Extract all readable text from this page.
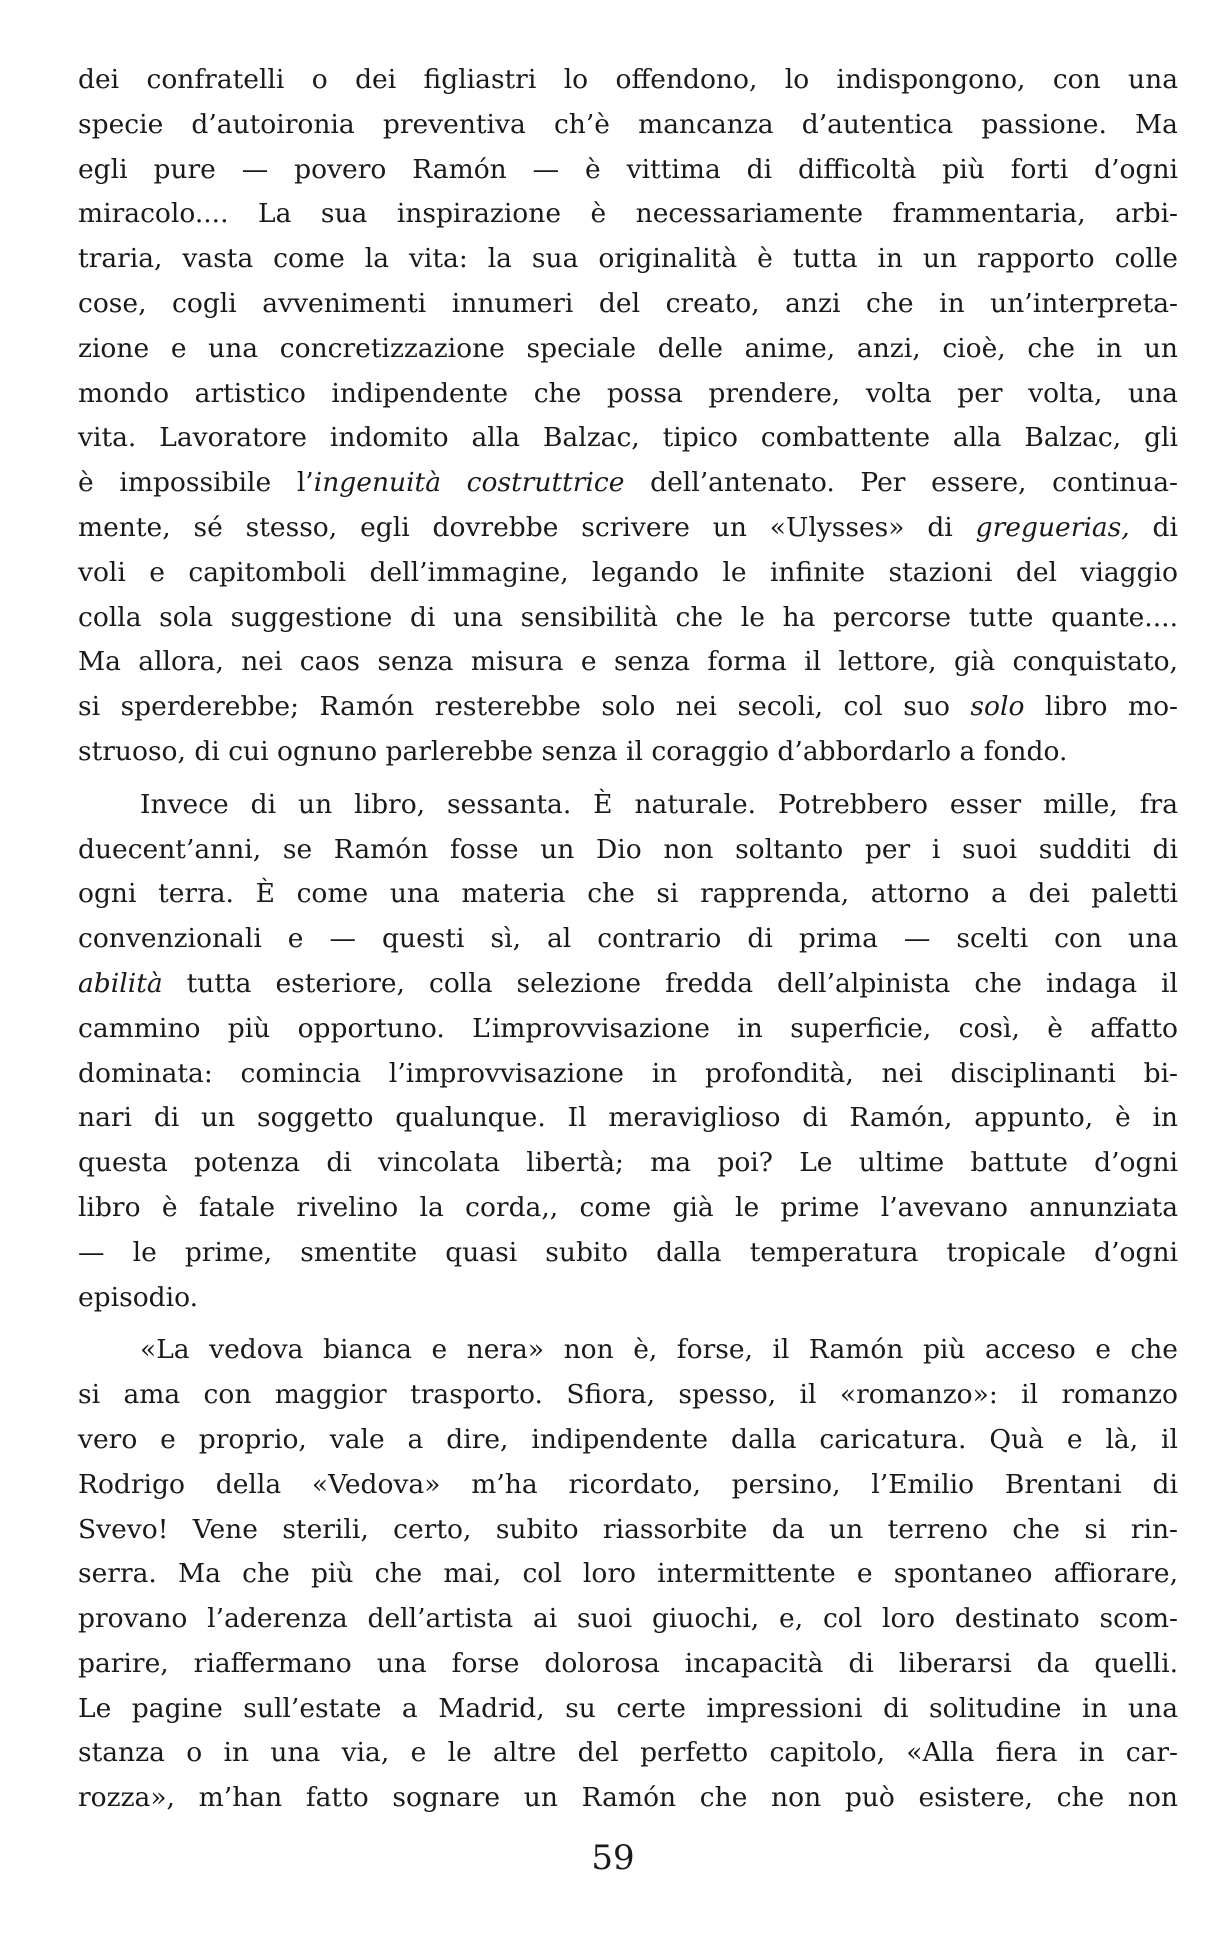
dei confratelli o dei figliastri lo offendono, lo indispongono, con una
specie d’autoironia preventiva ch’è mancanza d’autentica passione. Ma
egli pure — povero Ramón — è vittima di difficoltà più forti d’ogni
miracolo.... La sua inspirazione è necessariamente frammentaria, arbi-
traria, vasta come la vita: la sua originalità è tutta in un rapporto colle
cose, cogli avvenimenti innumeri del creato, anzi che in un’interpreta-
zione e una concretizzazione speciale delle anime, anzi, cioè, che in un
mondo artistico indipendente che possa prendere, volta per volta, una
vita. Lavoratore indomito alla Balzac, tipico combattente alla Balzac, gli
è impossibile l’ingenuità costruttrice dell’antenato. Per essere, continua-
mente, sé stesso, egli dovrebbe scrivere un «Ulysses» di greguerias, di
voli e capitomboli dell’immagine, legando le infinite stazioni del viaggio
colla sola suggestione di una sensibilità che le ha percorse tutte quante....
Ma allora, nei caos senza misura e senza forma il lettore, già conquistato,
si sperderebbe; Ramón resterebbe solo nei secoli, col suo solo libro mo-
struoso, di cui ognuno parlerebbe senza il coraggio d’abbordarlo a fondo.
Invece di un libro, sessanta. È naturale. Potrebbero esser mille, fra
duecent’anni, se Ramón fosse un Dio non soltanto per i suoi sudditi di
ogni terra. È come una materia che si rapprenda, attorno a dei paletti
convenzionali e — questi sì, al contrario di prima — scelti con una
abilità tutta esteriore, colla selezione fredda dell’alpinista che indaga il
cammino più opportuno. L’improvvisazione in superficie, così, è affatto
dominata: comincia l’improvvisazione in profondità, nei disciplinanti bi-
nari di un soggetto qualunque. Il meraviglioso di Ramón, appunto, è in
questa potenza di vincolata libertà; ma poi? Le ultime battute d’ogni
libro è fatale rivelino la corda,, come già le prime l’avevano annunziata
— le prime, smentite quasi subito dalla temperatura tropicale d’ogni
episodio.
«La vedova bianca e nera» non è, forse, il Ramón più acceso e che
si ama con maggior trasporto. Sfiora, spesso, il «romanzo»: il romanzo
vero e proprio, vale a dire, indipendente dalla caricatura. Quà e là, il
Rodrigo della «Vedova» m’ha ricordato, persino, l’Emilio Brentani di
Svevo! Vene sterili, certo, subito riassorbite da un terreno che si rin-
serra. Ma che più che mai, col loro intermittente e spontaneo affiorare,
provano l’aderenza dell’artista ai suoi giuochi, e, col loro destinato scom-
parire, riaffermano una forse dolorosa incapacità di liberarsi da quelli.
Le pagine sull’estate a Madrid, su certe impressioni di solitudine in una
stanza o in una via, e le altre del perfetto capitolo, «Alla fiera in car-
rozza», m’han fatto sognare un Ramón che non può esistere, che non
59
